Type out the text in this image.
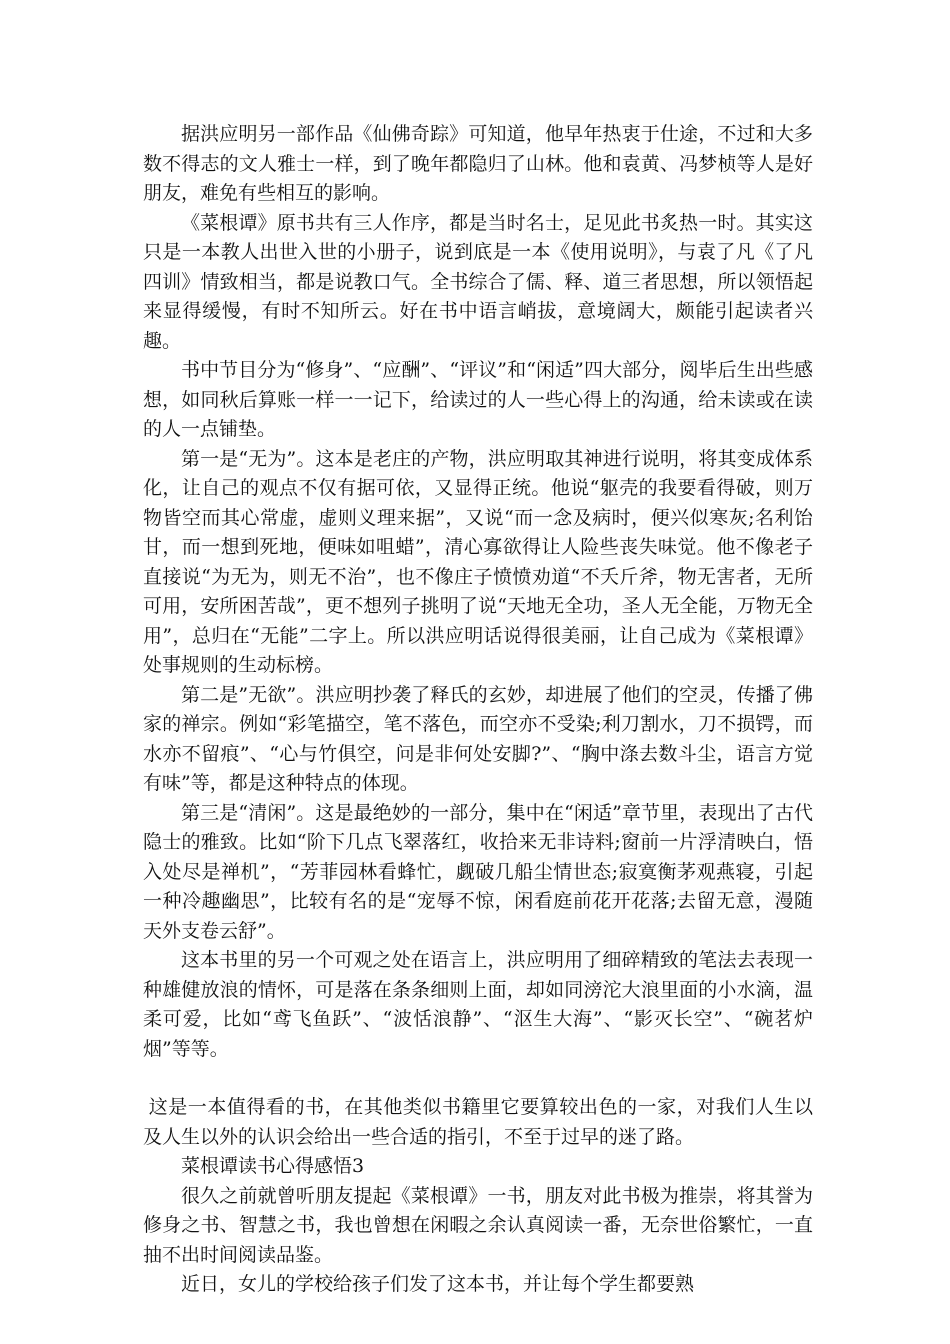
据洪应明另一部作品《仙佛奇踪》可知道，他早年热衷于仕途，不过和大多数不得志的文人雅士一样，到了晚年都隐归了山林。他和袁黄、冯梦桢等人是好朋友，难免有些相互的影响。

《菜根谭》原书共有三人作序，都是当时名士，足见此书炙热一时。其实这只是一本教人出世入世的小册子，说到底是一本《使用说明》，与袁了凡《了凡四训》情致相当，都是说教口气。全书综合了儒、释、道三者思想，所以领悟起来显得缓慢，有时不知所云。好在书中语言峭拔，意境阔大，颇能引起读者兴趣。

书中节目分为“修身”、“应酬”、“评议”和“闲适”四大部分，阅毕后生出些感想，如同秋后算账一样一一记下，给读过的人一些心得上的沟通，给未读或在读的人一点铺垫。

第一是“无为”。这本是老庄的产物，洪应明取其神进行说明，将其变成体系化，让自己的观点不仅有据可依，又显得正统。他说“躯壳的我要看得破，则万物皆空而其心常虚，虚则义理来据”，又说“而一念及病时，便兴似寒灰;名利饴甘，而一想到死地，便味如咀蜡”，清心寡欲得让人险些丧失味觉。他不像老子直接说“为无为，则无不治”，也不像庄子愤愤劝道“不夭斤斧，物无害者，无所可用，安所困苦哉”，更不想列子挑明了说“天地无全功，圣人无全能，万物无全用”，总归在“无能”二字上。所以洪应明话说得很美丽，让自己成为《菜根谭》处事规则的生动标榜。

第二是”无欲”。洪应明抄袭了释氏的玄妙，却进展了他们的空灵，传播了佛家的禅宗。例如“彩笔描空，笔不落色，而空亦不受染;利刀割水，刀不损锷，而水亦不留痕”、“心与竹俱空，问是非何处安脚?”、“胸中涤去数斗尘，语言方觉有味”等，都是这种特点的体现。

第三是“清闲”。这是最绝妙的一部分，集中在“闲适”章节里，表现出了古代隐士的雅致。比如“阶下几点飞翠落红，收拾来无非诗料;窗前一片浮清映白，悟入处尽是禅机”，“芳菲园林看蜂忙，觑破几船尘情世态;寂寞衡茅观燕寝，引起一种冷趣幽思”，比较有名的是“宠辱不惊，闲看庭前花开花落;去留无意，漫随天外支卷云舒”。

这本书里的另一个可观之处在语言上，洪应明用了细碎精致的笔法去表现一种雄健放浪的情怀，可是落在条条细则上面，却如同滂沱大浪里面的小水滴，温柔可爱，比如“鸢飞鱼跃”、“波恬浪静”、“沤生大海”、“影灭长空”、“碗茗炉烟”等等。

这是一本值得看的书，在其他类似书籍里它要算较出色的一家，对我们人生以及人生以外的认识会给出一些合适的指引，不至于过早的迷了路。

菜根谭读书心得感悟3

很久之前就曾听朋友提起《菜根谭》一书，朋友对此书极为推崇，将其誉为修身之书、智慧之书，我也曾想在闲暇之余认真阅读一番，无奈世俗繁忙，一直抽不出时间阅读品鉴。

近日，女儿的学校给孩子们发了这本书，并让每个学生都要熟
